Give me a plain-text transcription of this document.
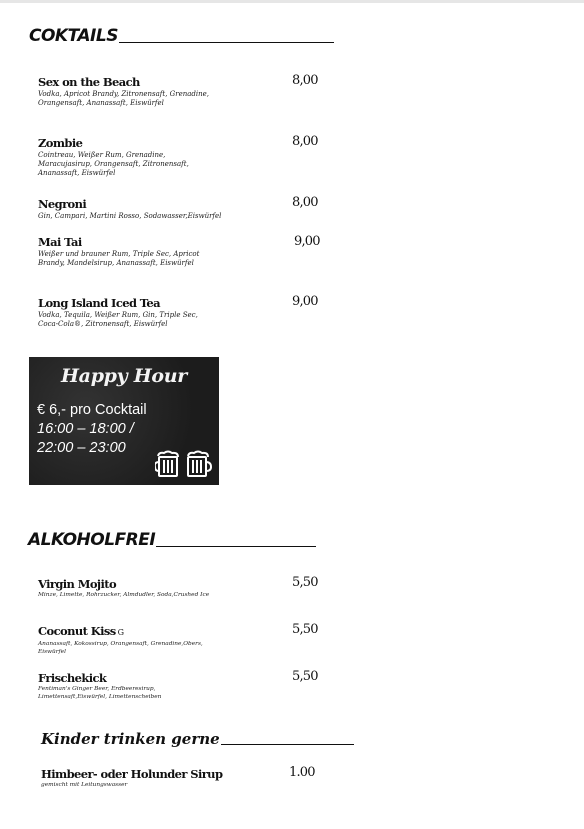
COKTAILS
Sex on the Beach
Vodka, Apricot Brandy, Zitronensaft, Grenadine, Orangensaft, Ananassaft, Eiswürfel
8,00
Zombie
Cointreau, Weißer Rum, Grenadine, Maracujasirup, Orangensaft, Zitronensaft, Ananassaft, Eiswürfel
8,00
Negroni
Gin, Campari, Martini Rosso, Sodawasser,Eiswürfel
8,00
Mai Tai
Weißer und brauner Rum, Triple Sec, Apricot Brandy, Mandelsirup, Ananassaft, Eiswürfel
9,00
Long Island Iced Tea
Vodka, Tequila, Weißer Rum, Gin, Triple Sec, Coca-Cola®, Zitronensaft, Eiswürfel
9,00
Happy Hour
€ 6,- pro Cocktail
16:00 – 18:00 /
22:00 – 23:00
ALKOHOLFREI
Virgin Mojito
Minze, Limette, Rohrzucker, Almdudler, Soda,Crushed Ice
5,50
Coconut Kiss G
Ananassaft, Kokossirup, Orangensaft, Grenadine,Obers, Eiswürfel
5,50
Frischekick
Fentiman's Ginger Beer, Erdbeeresirup, Limettensaft,Eiswürfel, Limettenscheiben
5,50
Kinder trinken gerne
Himbeer- oder Holunder Sirup
gemischt mit Leitungswasser
1.00
